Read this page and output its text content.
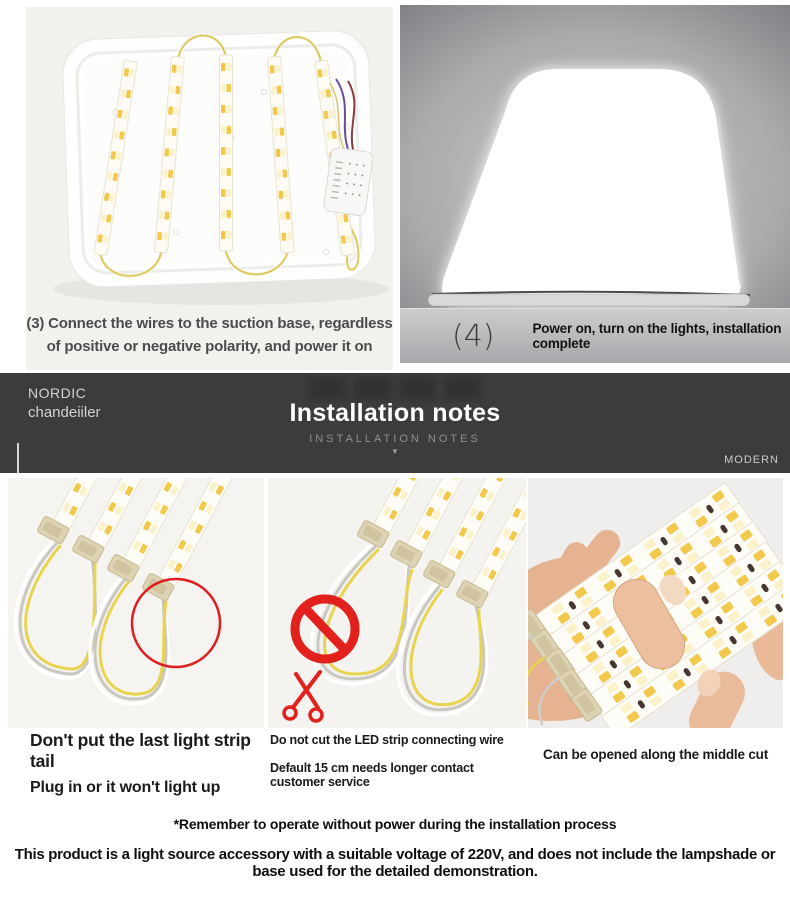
(3) Connect the wires to the suction base, regardless of positive or negative polarity, and power it on	(4)	Power on, turn on the lights, installation complete
NORDIC
chandeiiler	Installation notes
INSTALLATION NOTES
▼
MODERN
Don't put the last light strip tail
Plug in or it won't light up
Do not cut the LED strip connecting wire
Default 15 cm needs longer contact customer service
Can be opened along the middle cut
*Remember to operate without power during the installation process
This product is a light source accessory with a suitable voltage of 220V, and does not include the lampshade or base used for the detailed demonstration.
